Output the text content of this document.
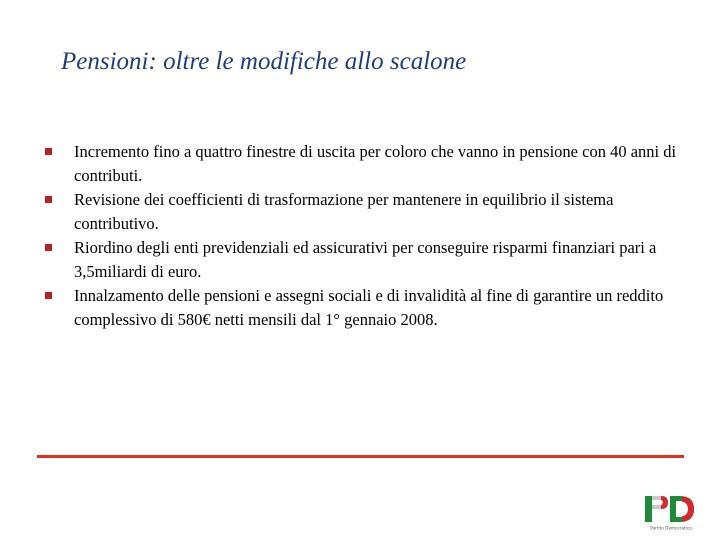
Pensioni: oltre le modifiche allo scalone
Incremento fino a quattro finestre di uscita per coloro che vanno in pensione con 40 anni di contributi.
Revisione dei coefficienti di trasformazione per mantenere in equilibrio il sistema contributivo.
Riordino degli enti previdenziali ed assicurativi per conseguire risparmi finanziari pari a 3,5miliardi di euro.
Innalzamento delle pensioni e assegni sociali e di invalidità al fine di garantire un reddito complessivo di 580€ netti mensili dal 1° gennaio 2008.
Partito Democratico
